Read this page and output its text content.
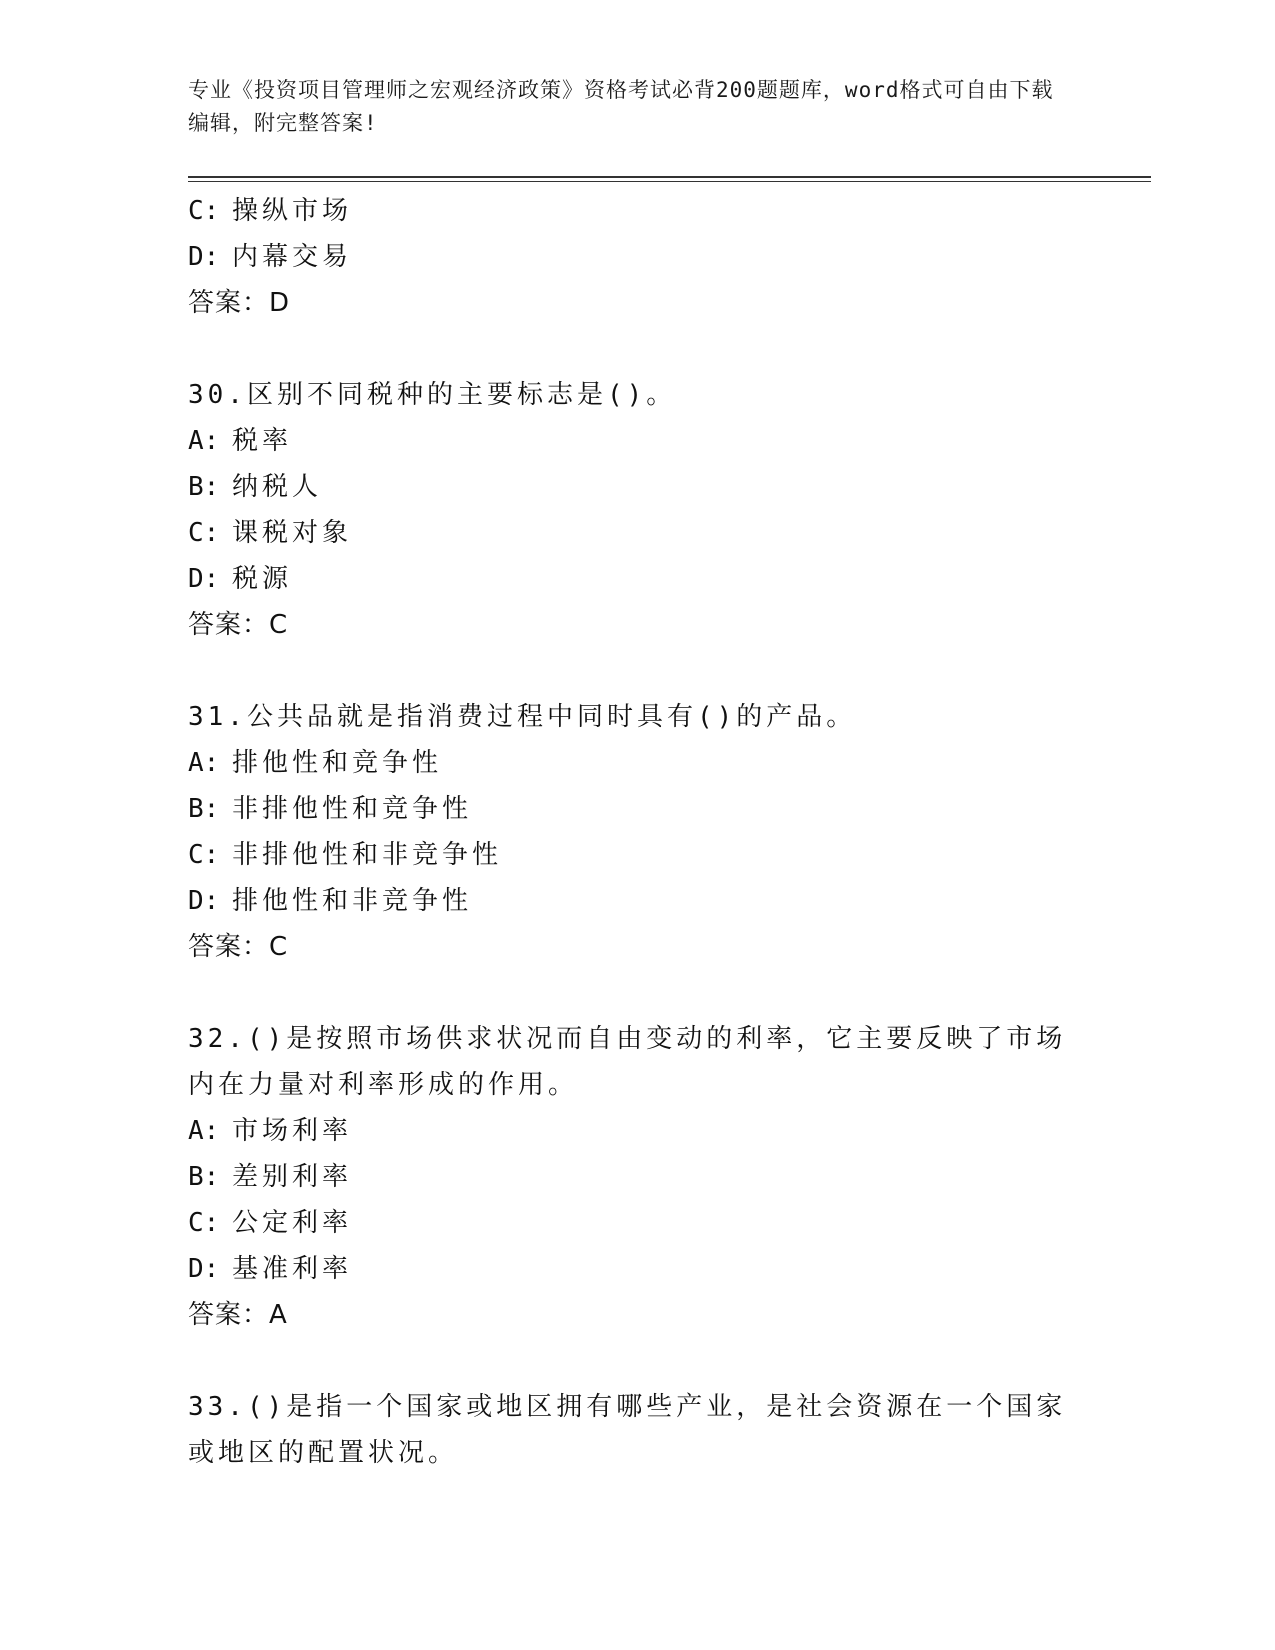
专业《投资项目管理师之宏观经济政策》资格考试必背200题题库，word格式可自由下载编辑，附完整答案!
C: 操纵市场
D: 内幕交易
答案：D
30.区别不同税种的主要标志是()。
A: 税率
B: 纳税人
C: 课税对象
D: 税源
答案：C
31.公共品就是指消费过程中同时具有()的产品。
A: 排他性和竞争性
B: 非排他性和竞争性
C: 非排他性和非竞争性
D: 排他性和非竞争性
答案：C
32.()是按照市场供求状况而自由变动的利率，它主要反映了市场内在力量对利率形成的作用。
A: 市场利率
B: 差别利率
C: 公定利率
D: 基准利率
答案：A
33.()是指一个国家或地区拥有哪些产业，是社会资源在一个国家或地区的配置状况。
